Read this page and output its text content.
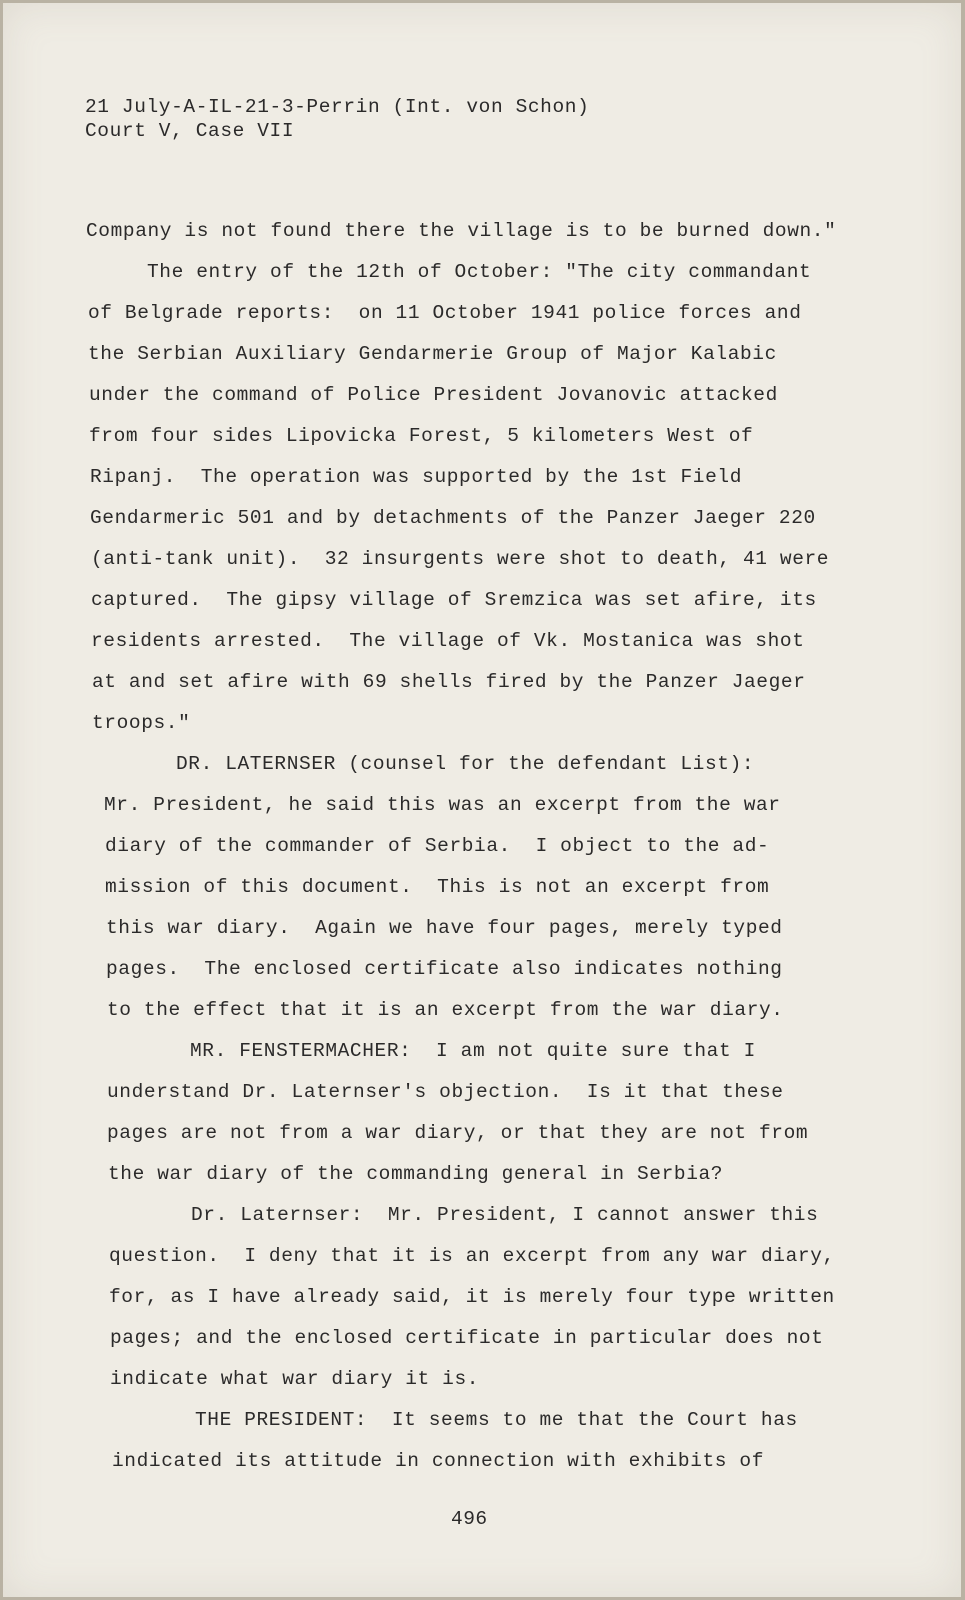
21 July-A-IL-21-3-Perrin (Int. von Schon)
Court V, Case VII
Company is not found there the village is to be burned down."
The entry of the 12th of October: "The city commandant
of Belgrade reports:  on 11 October 1941 police forces and
the Serbian Auxiliary Gendarmerie Group of Major Kalabic
under the command of Police President Jovanovic attacked
from four sides Lipovicka Forest, 5 kilometers West of
Ripanj.  The operation was supported by the 1st Field
Gendarmeric 501 and by detachments of the Panzer Jaeger 220
(anti-tank unit).  32 insurgents were shot to death, 41 were
captured.  The gipsy village of Sremzica was set afire, its
residents arrested.  The village of Vk. Mostanica was shot
at and set afire with 69 shells fired by the Panzer Jaeger
troops."
DR. LATERNSER (counsel for the defendant List):
Mr. President, he said this was an excerpt from the war
diary of the commander of Serbia.  I object to the ad-
mission of this document.  This is not an excerpt from
this war diary.  Again we have four pages, merely typed
pages.  The enclosed certificate also indicates nothing
to the effect that it is an excerpt from the war diary.
MR. FENSTERMACHER:  I am not quite sure that I
understand Dr. Laternser's objection.  Is it that these
pages are not from a war diary, or that they are not from
the war diary of the commanding general in Serbia?
Dr. Laternser:  Mr. President, I cannot answer this
question.  I deny that it is an excerpt from any war diary,
for, as I have already said, it is merely four type written
pages; and the enclosed certificate in particular does not
indicate what war diary it is.
THE PRESIDENT:  It seems to me that the Court has
indicated its attitude in connection with exhibits of
496
